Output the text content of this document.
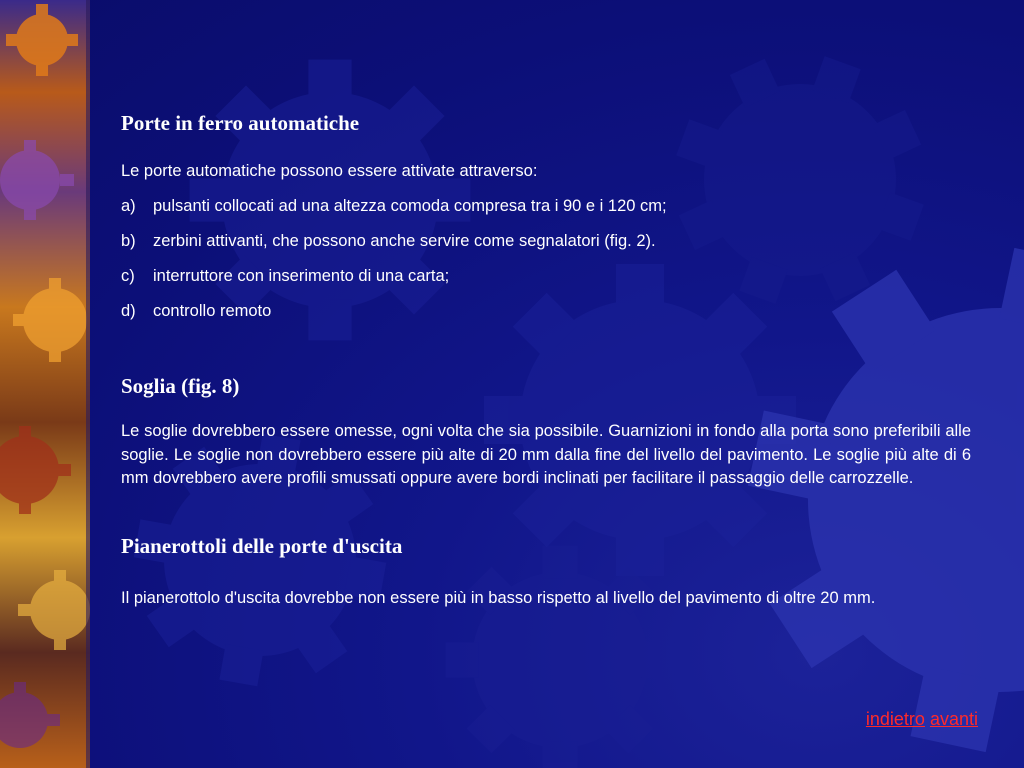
Porte in ferro automatiche

Le porte automatiche possono essere attivate attraverso:

a)	pulsanti collocati ad una altezza comoda compresa tra i 90 e i 120 cm;
b)	zerbini attivanti, che possono anche servire come segnalatori (fig. 2).
c)	interruttore con inserimento di una carta;
d)	controllo remoto
Soglia (fig. 8)

Le soglie dovrebbero essere omesse, ogni volta che sia possibile. Guarnizioni in fondo alla porta sono preferibili alle soglie. Le soglie non dovrebbero essere più alte di 20 mm dalla fine del livello del pavimento. Le soglie più alte di 6 mm dovrebbero avere profili smussati oppure avere bordi inclinati per facilitare il passaggio delle carrozzelle.

Pianerottoli delle porte d'uscita

Il pianerottolo d'uscita dovrebbe non essere più in basso rispetto al livello del pavimento di oltre 20 mm.

indietro avanti
